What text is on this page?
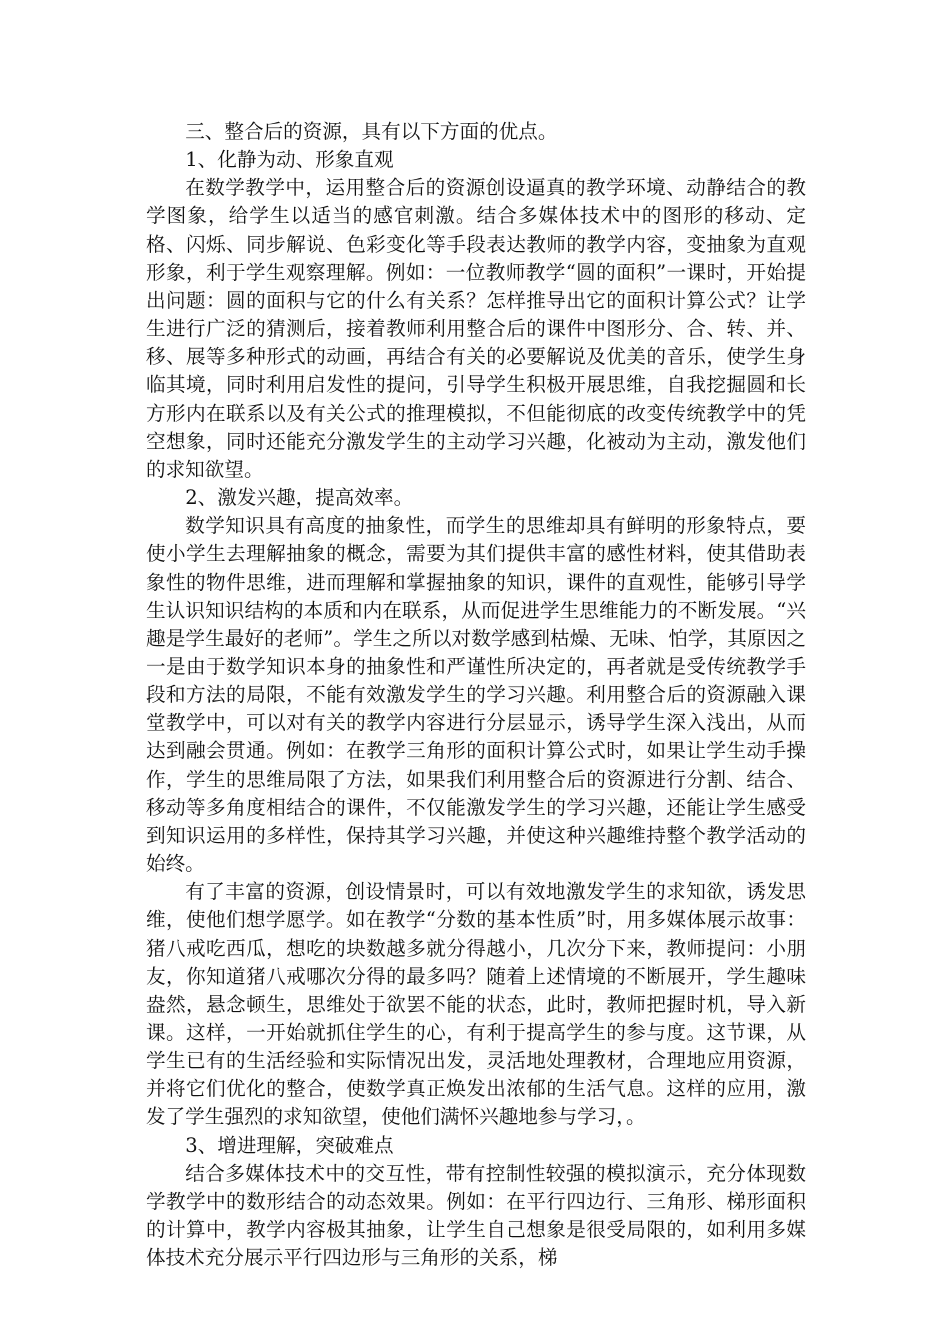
三、整合后的资源，具有以下方面的优点。

1、化静为动、形象直观

在数学教学中，运用整合后的资源创设逼真的教学环境、动静结合的教学图象，给学生以适当的感官刺激。结合多媒体技术中的图形的移动、定格、闪烁、同步解说、色彩变化等手段表达教师的教学内容，变抽象为直观形象，利于学生观察理解。例如：一位教师教学“圆的面积”一课时，开始提出问题：圆的面积与它的什么有关系？怎样推导出它的面积计算公式？让学生进行广泛的猜测后，接着教师利用整合后的课件中图形分、合、转、并、移、展等多种形式的动画，再结合有关的必要解说及优美的音乐，使学生身临其境，同时利用启发性的提问，引导学生积极开展思维，自我挖掘圆和长方形内在联系以及有关公式的推理模拟，不但能彻底的改变传统教学中的凭空想象，同时还能充分激发学生的主动学习兴趣，化被动为主动，激发他们的求知欲望。

2、激发兴趣，提高效率。

数学知识具有高度的抽象性，而学生的思维却具有鲜明的形象特点，要使小学生去理解抽象的概念，需要为其们提供丰富的感性材料，使其借助表象性的物件思维，进而理解和掌握抽象的知识，课件的直观性，能够引导学生认识知识结构的本质和内在联系，从而促进学生思维能力的不断发展。“兴趣是学生最好的老师”。学生之所以对数学感到枯燥、无味、怕学，其原因之一是由于数学知识本身的抽象性和严谨性所决定的，再者就是受传统教学手段和方法的局限，不能有效激发学生的学习兴趣。利用整合后的资源融入课堂教学中，可以对有关的教学内容进行分层显示，诱导学生深入浅出，从而达到融会贯通。例如：在教学三角形的面积计算公式时，如果让学生动手操作，学生的思维局限了方法，如果我们利用整合后的资源进行分割、结合、移动等多角度相结合的课件，不仅能激发学生的学习兴趣，还能让学生感受到知识运用的多样性，保持其学习兴趣，并使这种兴趣维持整个教学活动的始终。

有了丰富的资源，创设情景时，可以有效地激发学生的求知欲，诱发思维，使他们想学愿学。如在教学“分数的基本性质”时，用多媒体展示故事：猪八戒吃西瓜，想吃的块数越多就分得越小，几次分下来，教师提问：小朋友，你知道猪八戒哪次分得的最多吗？随着上述情境的不断展开，学生趣味盎然，悬念顿生，思维处于欲罢不能的状态，此时，教师把握时机，导入新课。这样，一开始就抓住学生的心，有利于提高学生的参与度。这节课，从学生已有的生活经验和实际情况出发，灵活地处理教材，合理地应用资源，并将它们优化的整合，使数学真正焕发出浓郁的生活气息。这样的应用，激发了学生强烈的求知欲望，使他们满怀兴趣地参与学习，。

3、增进理解，突破难点

结合多媒体技术中的交互性，带有控制性较强的模拟演示，充分体现数学教学中的数形结合的动态效果。例如：在平行四边行、三角形、梯形面积的计算中，教学内容极其抽象，让学生自己想象是很受局限的，如利用多媒体技术充分展示平行四边形与三角形的关系，梯
